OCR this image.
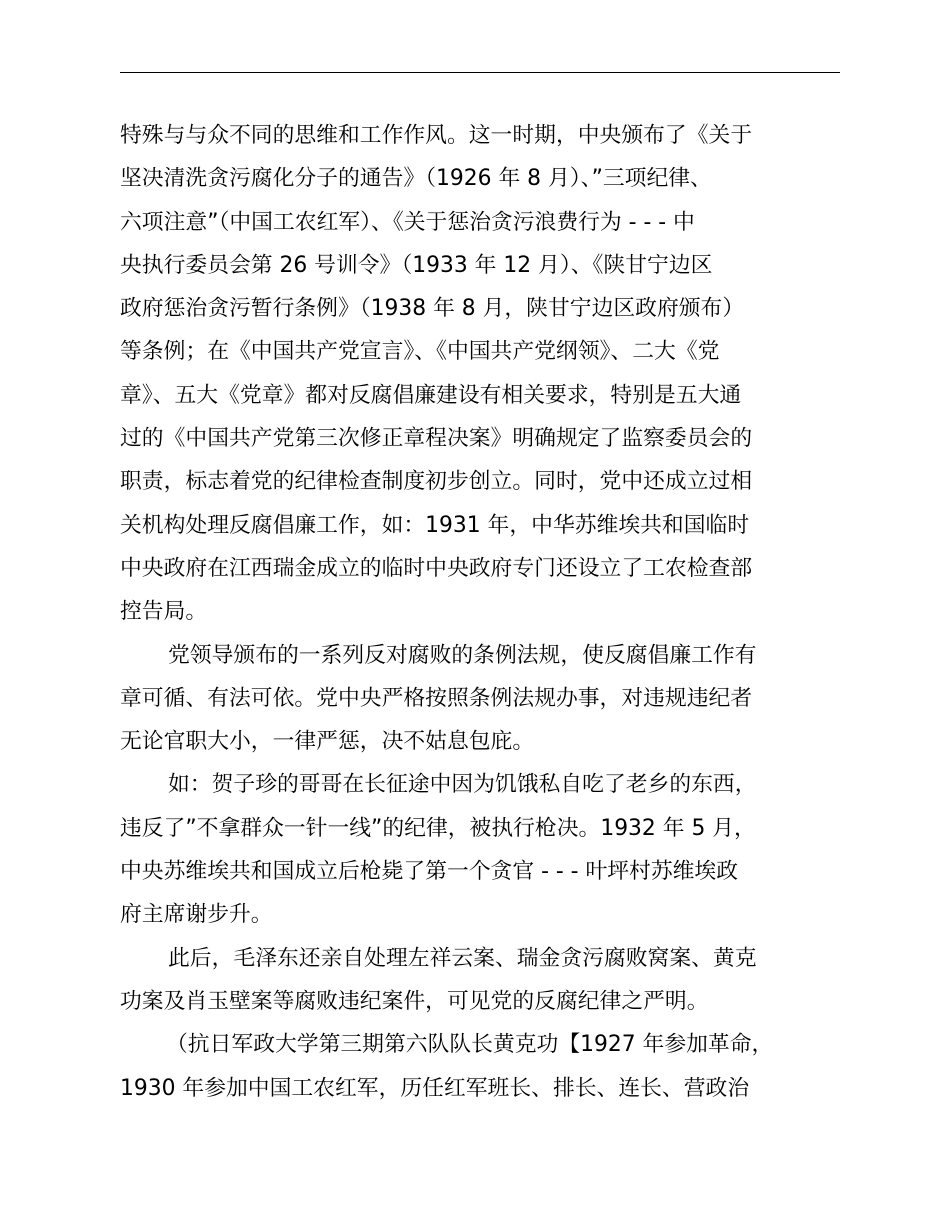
特殊与与众不同的思维和工作作风。这一时期，中央颁布了《关于
坚决清洗贪污腐化分子的通告》（1926 年 8 月）、”三项纪律、
六项注意”（中国工农红军）、《关于惩治贪污浪费行为 - - - 中
央执行委员会第 26 号训令》（1933 年 12 月）、《陕甘宁边区
政府惩治贪污暂行条例》（1938 年 8 月，陕甘宁边区政府颁布）
等条例；在《中国共产党宣言》、《中国共产党纲领》、二大《党
章》、五大《党章》都对反腐倡廉建设有相关要求，特别是五大通
过的《中国共产党第三次修正章程决案》明确规定了监察委员会的
职责，标志着党的纪律检查制度初步创立。同时，党中还成立过相
关机构处理反腐倡廉工作，如：1931 年，中华苏维埃共和国临时
中央政府在江西瑞金成立的临时中央政府专门还设立了工农检查部
控告局。
党领导颁布的一系列反对腐败的条例法规，使反腐倡廉工作有
章可循、有法可依。党中央严格按照条例法规办事，对违规违纪者
无论官职大小，一律严惩，决不姑息包庇。
如：贺子珍的哥哥在长征途中因为饥饿私自吃了老乡的东西，
违反了”不拿群众一针一线”的纪律，被执行枪决。1932 年 5 月，
中央苏维埃共和国成立后枪毙了第一个贪官 - - - 叶坪村苏维埃政
府主席谢步升。
此后，毛泽东还亲自处理左祥云案、瑞金贪污腐败窝案、黄克
功案及肖玉壁案等腐败违纪案件，可见党的反腐纪律之严明。
（抗日军政大学第三期第六队队长黄克功【1927 年参加革命，
1930 年参加中国工农红军，历任红军班长、排长、连长、营政治
